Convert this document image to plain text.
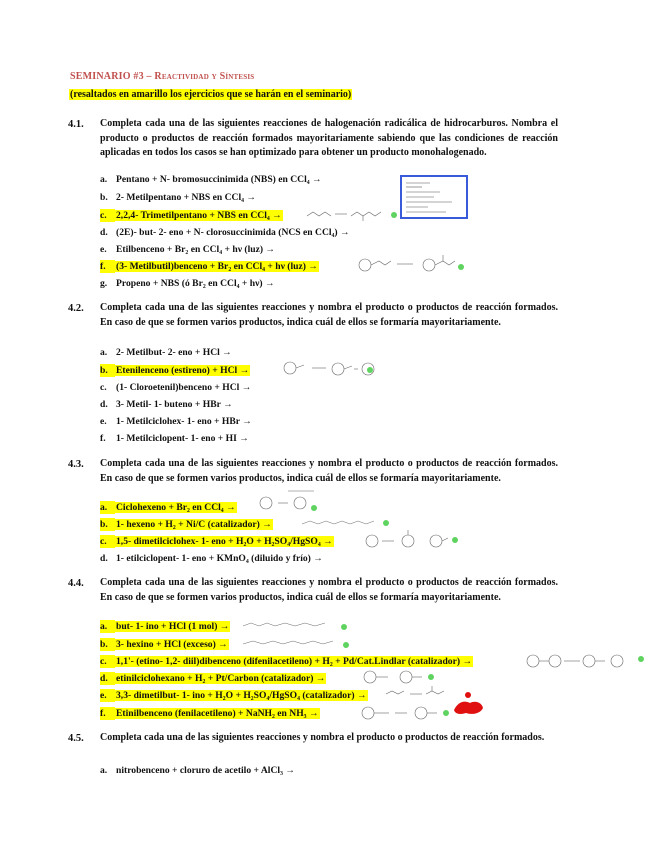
SEMINARIO #3 – Reactividad y Síntesis
(resaltados en amarillo los ejercicios que se harán en el seminario)
4.1. Completa cada una de las siguientes reacciones de halogenación radicálica de hidrocarburos. Nombra el producto o productos de reacción formados mayoritariamente sabiendo que las condiciones de reacción aplicadas en todos los casos se han optimizado para obtener un producto monohalogenado.
a. Pentano + N- bromosuccinimida (NBS) en CCl₄ →
b. 2- Metilpentano + NBS en CCl₄ →
c. 2,2,4- Trimetilpentano + NBS en CCl₄ →
d. (2E)- but- 2- eno + N- clorosuccinimida (NCS en CCl₄) →
e. Etilbenceno + Br₂ en CCl₄ + hν (luz) →
f. (3- Metilbutil)benceno + Br₂ en CCl₄ + hν (luz) →
g. Propeno + NBS (ó Br₂ en CCl₄ + hν) →
4.2. Completa cada una de las siguientes reacciones y nombra el producto o productos de reacción formados. En caso de que se formen varios productos, indica cuál de ellos se formaría mayoritariamente.
a. 2- Metilbut- 2- eno + HCl →
b. Etenilenceno (estireno) + HCl →
c. (1- Cloroetenil)benceno + HCl →
d. 3- Metil- 1- buteno + HBr →
e. 1- Metilciclohex- 1- eno + HBr →
f. 1- Metilciclopent- 1- eno + HI →
4.3. Completa cada una de las siguientes reacciones y nombra el producto o productos de reacción formados. En caso de que se formen varios productos, indica cuál de ellos se formaría mayoritariamente.
a. Ciclohexeno + Br₂ en CCl₄ →
b. 1- hexeno + H₂ + Ni/C (catalizador) →
c. 1,5- dimetilciclohex- 1- eno + H₂O + H₂SO₄/HgSO₄ →
d. 1- etilciclopent- 1- eno + KMnO₄ (diluido y frío) →
4.4. Completa cada una de las siguientes reacciones y nombra el producto o productos de reacción formados. En caso de que se formen varios productos, indica cuál de ellos se formaría mayoritariamente.
a. but- 1- ino + HCl (1 mol) →
b. 3- hexino + HCl (exceso) →
c. 1,1'- (etino- 1,2- diil)dibenceno (difenilacetileno) + H₂ + Pd/Cat.Lindlar (catalizador) →
d. etinilciclohexano + H₂ + Pt/Carbon (catalizador) →
e. 3,3- dimetilbut- 1- ino + H₂O + H₂SO₄/HgSO₄ (catalizador) →
f. Etinilbenceno (fenilacetileno) + NaNH₂ en NH₃ →
4.5. Completa cada una de las siguientes reacciones y nombra el producto o productos de reacción formados.
a. nitrobenceno + cloruro de acetilo + AlCl₃ →
